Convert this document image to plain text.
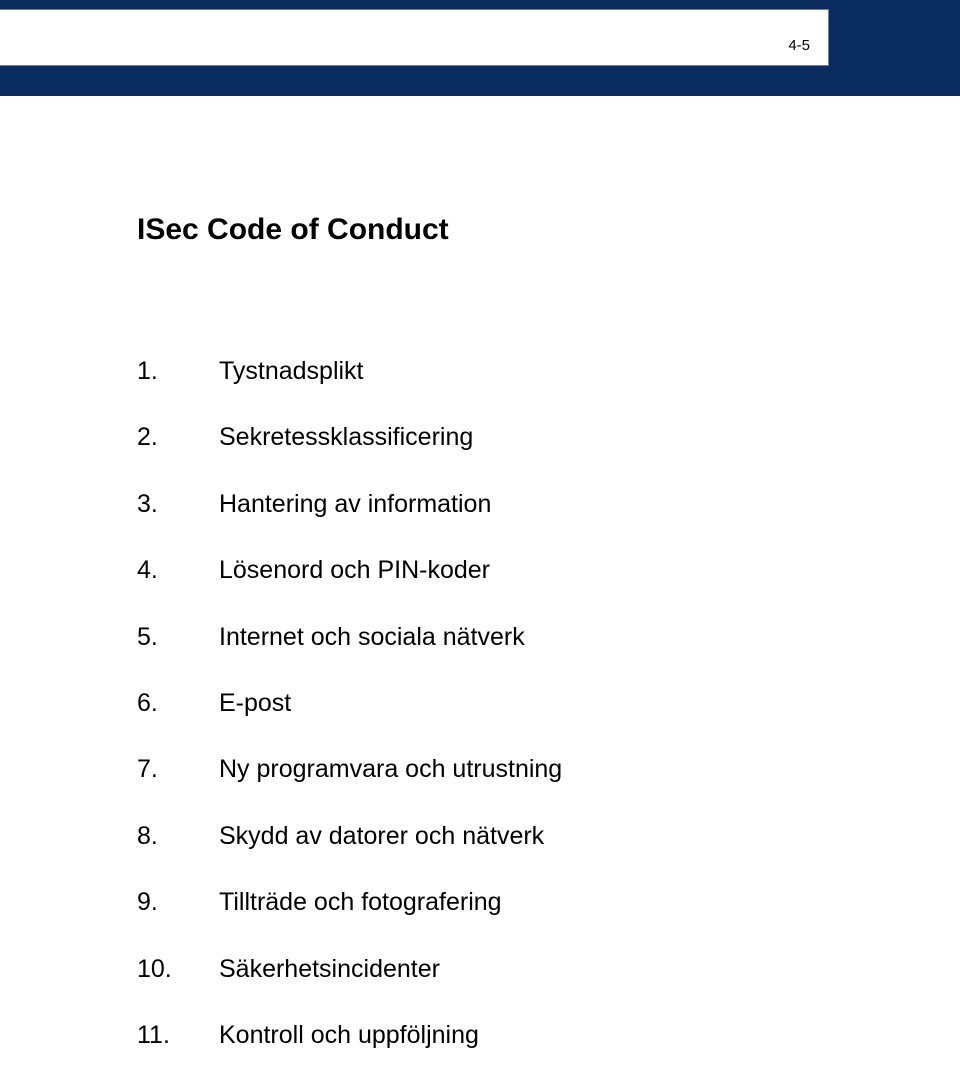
4-5
ISec Code of Conduct
1.	Tystnadsplikt
2.	Sekretessklassificering
3.	Hantering av information
4.	Lösenord och PIN-koder
5.	Internet och sociala nätverk
6.	E-post
7.	Ny programvara och utrustning
8.	Skydd av datorer och nätverk
9.	Tillträde och fotografering
10.	Säkerhetsincidenter
11.	Kontroll och uppföljning
